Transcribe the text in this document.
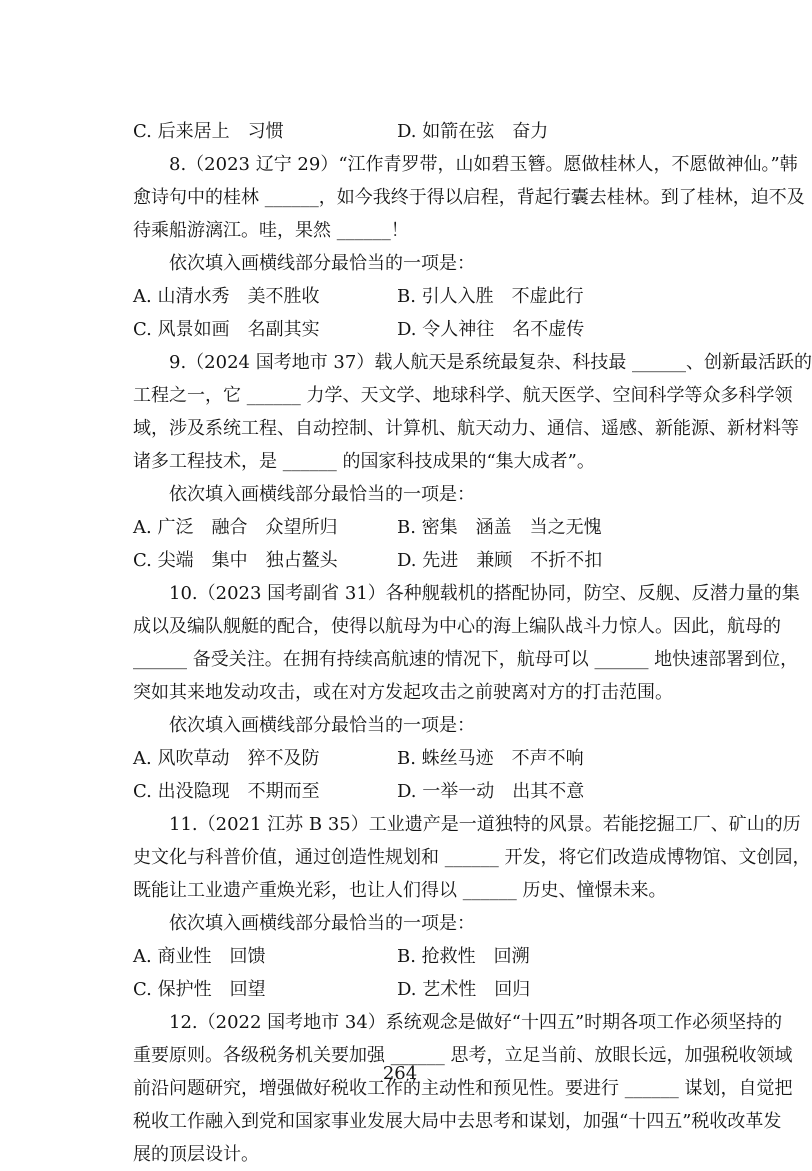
C. 后来居上　习惯	D. 如箭在弦　奋力
8.（2023 辽宁 29）“江作青罗带，山如碧玉簪。愿做桂林人，不愿做神仙。”韩
愈诗句中的桂林 ______，如今我终于得以启程，背起行囊去桂林。到了桂林，迫不及
待乘船游漓江。哇，果然 ______！
依次填入画横线部分最恰当的一项是：
A. 山清水秀　美不胜收	B. 引人入胜　不虚此行
C. 风景如画　名副其实	D. 令人神往　名不虚传
9.（2024 国考地市 37）载人航天是系统最复杂、科技最 ______、创新最活跃的
工程之一，它 ______ 力学、天文学、地球科学、航天医学、空间科学等众多科学领
域，涉及系统工程、自动控制、计算机、航天动力、通信、遥感、新能源、新材料等
诸多工程技术，是 ______ 的国家科技成果的“集大成者”。
依次填入画横线部分最恰当的一项是：
A. 广泛　融合　众望所归	B. 密集　涵盖　当之无愧
C. 尖端　集中　独占鳌头	D. 先进　兼顾　不折不扣
10.（2023 国考副省 31）各种舰载机的搭配协同，防空、反舰、反潜力量的集
成以及编队舰艇的配合，使得以航母为中心的海上编队战斗力惊人。因此，航母的
______ 备受关注。在拥有持续高航速的情况下，航母可以 ______ 地快速部署到位，
突如其来地发动攻击，或在对方发起攻击之前驶离对方的打击范围。
依次填入画横线部分最恰当的一项是：
A. 风吹草动　猝不及防	B. 蛛丝马迹　不声不响
C. 出没隐现　不期而至	D. 一举一动　出其不意
11.（2021 江苏 B 35）工业遗产是一道独特的风景。若能挖掘工厂、矿山的历
史文化与科普价值，通过创造性规划和 ______ 开发，将它们改造成博物馆、文创园，
既能让工业遗产重焕光彩，也让人们得以 ______ 历史、憧憬未来。
依次填入画横线部分最恰当的一项是：
A. 商业性　回馈	B. 抢救性　回溯
C. 保护性　回望	D. 艺术性　回归
12.（2022 国考地市 34）系统观念是做好“十四五”时期各项工作必须坚持的
重要原则。各级税务机关要加强 ______ 思考，立足当前、放眼长远，加强税收领域
前沿问题研究，增强做好税收工作的主动性和预见性。要进行 ______ 谋划，自觉把
税收工作融入到党和国家事业发展大局中去思考和谋划，加强“十四五”税收改革发
展的顶层设计。
264
